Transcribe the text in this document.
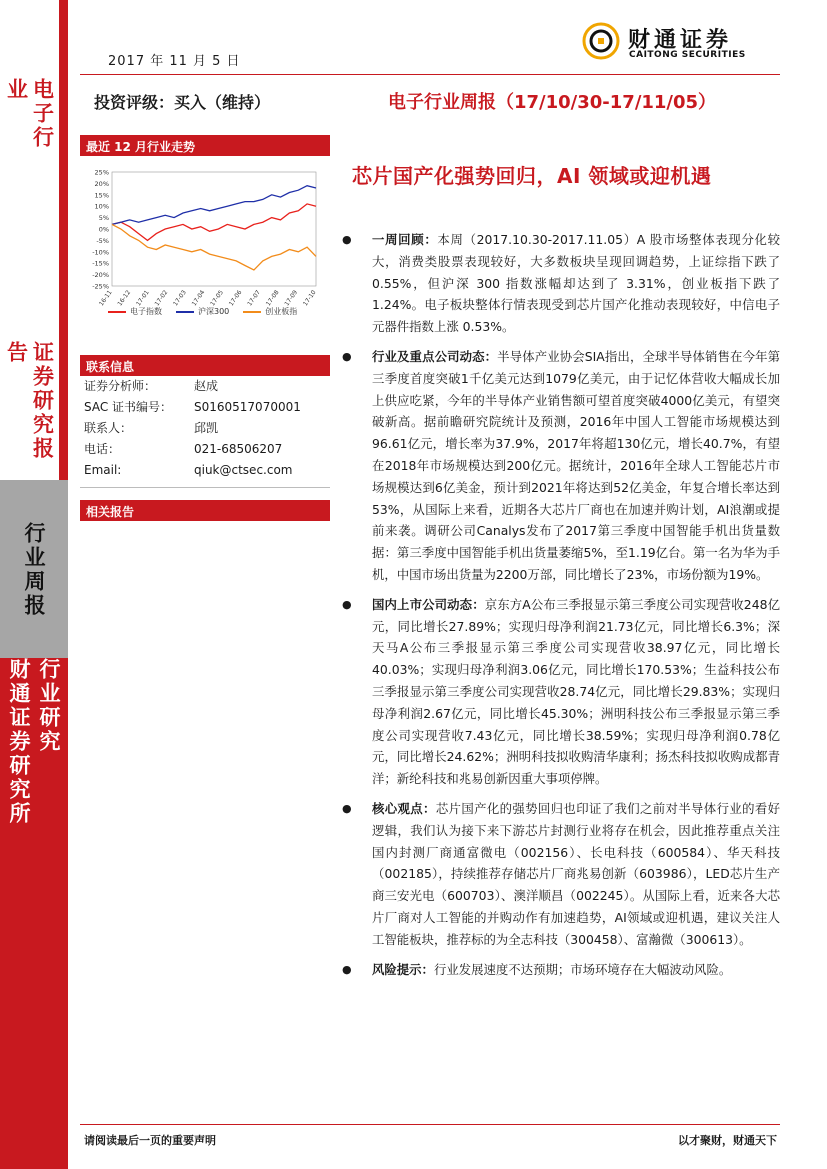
电子行业
证券研究报告
行业周报
行业研究
财通证券研究所
2017 年 11 月 5 日
财通证券
CAITONG SECURITIES
投资评级：买入（维持）	电子行业周报（17/10/30-17/11/05）
最近 12 月行业走势
25%
20%
15%
10%
5%
0%
-5%
-10%
-15%
-20%
-25%
16-11 16-12 17-01 17-02 17-03 17-04 17-05 17-06 17-07 17-08 17-09 17-10
电子指数	沪深300	创业板指
联系信息
证券分析师：	赵成
SAC 证书编号：	S0160517070001
联系人：	邱凯
电话：	021-68506207
Email:	qiuk@ctsec.com
相关报告
芯片国产化强势回归，AI 领域或迎机遇
● 一周回顾：本周（2017.10.30-2017.11.05）A 股市场整体表现分化较大，消费类股票表现较好，大多数板块呈现回调趋势，上证综指下跌了 0.55%，但沪深 300 指数涨幅却达到了 3.31%，创业板指下跌了 1.24%。电子板块整体行情表现受到芯片国产化推动表现较好，中信电子元器件指数上涨 0.53%。
● 行业及重点公司动态：半导体产业协会SIA指出，全球半导体销售在今年第三季度首度突破1千亿美元达到1079亿美元，由于记忆体营收大幅成长加上供应吃紧，今年的半导体产业销售额可望首度突破4000亿美元，有望突破新高。据前瞻研究院统计及预测，2016年中国人工智能市场规模达到96.61亿元，增长率为37.9%，2017年将超130亿元，增长40.7%，有望在2018年市场规模达到200亿元。据统计，2016年全球人工智能芯片市场规模达到6亿美金，预计到2021年将达到52亿美金，年复合增长率达到53%，从国际上来看，近期各大芯片厂商也在加速并购计划，AI浪潮或提前来袭。调研公司Canalys发布了2017第三季度中国智能手机出货量数据：第三季度中国智能手机出货量萎缩5%，至1.19亿台。第一名为华为手机，中国市场出货量为2200万部，同比增长了23%，市场份额为19%。
● 国内上市公司动态：京东方A公布三季报显示第三季度公司实现营收248亿元，同比增长27.89%；实现归母净利润21.73亿元，同比增长6.3%；深天马A公布三季报显示第三季度公司实现营收38.97亿元，同比增长40.03%；实现归母净利润3.06亿元，同比增长170.53%；生益科技公布三季报显示第三季度公司实现营收28.74亿元，同比增长29.83%；实现归母净利润2.67亿元，同比增长45.30%；洲明科技公布三季报显示第三季度公司实现营收7.43亿元，同比增长38.59%；实现归母净利润0.78亿元，同比增长24.62%；洲明科技拟收购清华康利；扬杰科技拟收购成都青洋；新纶科技和兆易创新因重大事项停牌。
● 核心观点：芯片国产化的强势回归也印证了我们之前对半导体行业的看好逻辑，我们认为接下来下游芯片封测行业将存在机会，因此推荐重点关注国内封测厂商通富微电（002156）、长电科技（600584）、华天科技（002185），持续推荐存储芯片厂商兆易创新（603986），LED芯片生产商三安光电（600703）、澳洋顺昌（002245）。从国际上看，近来各大芯片厂商对人工智能的并购动作有加速趋势，AI领域或迎机遇，建议关注人工智能板块，推荐标的为全志科技（300458）、富瀚微（300613）。
● 风险提示：行业发展速度不达预期；市场环境存在大幅波动风险。
请阅读最后一页的重要声明	以才聚财，财通天下
